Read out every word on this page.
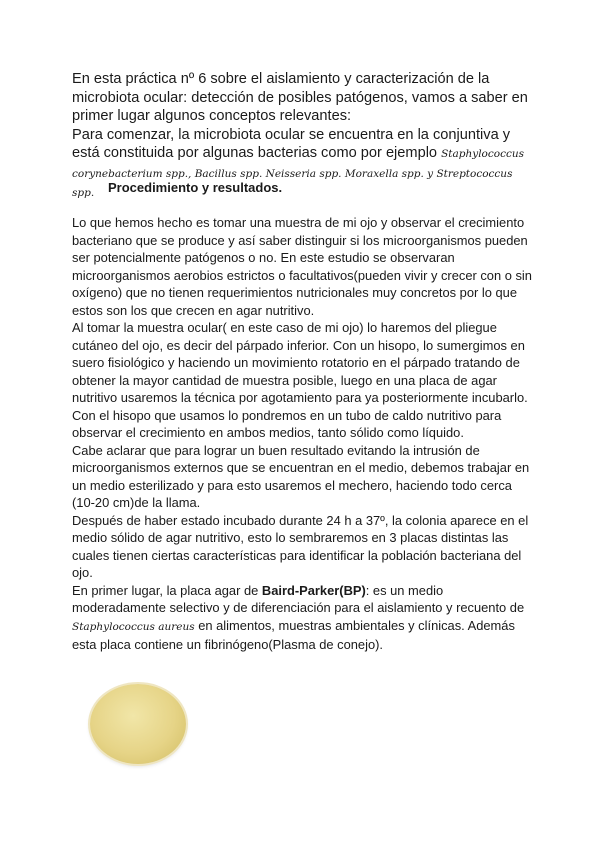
En esta práctica nº 6 sobre el aislamiento y caracterización de la microbiota ocular: detección de posibles patógenos, vamos a saber en primer lugar algunos conceptos relevantes:

Para comenzar, la microbiota ocular se encuentra en la conjuntiva y está constituida por algunas bacterias como por ejemplo Staphylococcus corynebacterium spp., Bacillus spp. Neisseria spp. Moraxella spp. y Streptococcus spp.	Procedimiento y resultados.

Lo que hemos hecho es tomar una muestra de mi ojo y observar el crecimiento bacteriano que se produce y así saber distinguir si los microorganismos pueden ser potencialmente patógenos o no. En este estudio se observaran microorganismos aerobios estrictos o facultativos(pueden vivir y crecer con o sin oxígeno) que no tienen requerimientos nutricionales muy concretos por lo que estos son los que crecen en agar nutritivo.

Al tomar la muestra ocular( en este caso de mi ojo) lo haremos del pliegue cutáneo del ojo, es decir del párpado inferior. Con un hisopo, lo sumergimos en suero fisiológico y haciendo un movimiento rotatorio en el párpado tratando de obtener la mayor cantidad de muestra posible, luego en una placa de agar nutritivo usaremos la técnica por agotamiento para ya posteriormente incubarlo. Con el hisopo que usamos lo pondremos en un tubo de caldo nutritivo para observar el crecimiento en ambos medios, tanto sólido como líquido.

Cabe aclarar que para lograr un buen resultado evitando la intrusión de microorganismos externos que se encuentran en el medio, debemos trabajar en un medio esterilizado y para esto usaremos el mechero, haciendo todo cerca (10-20 cm)de la llama.

Después de haber estado incubado durante 24 h a 37º, la colonia aparece en el medio sólido de agar nutritivo, esto lo sembraremos en 3 placas distintas las cuales tienen ciertas características para identificar la población bacteriana del ojo.

En primer lugar, la placa agar de Baird-Parker(BP): es un medio moderadamente selectivo y de diferenciación para el aislamiento y recuento de Staphylococcus aureus en alimentos, muestras ambientales y clínicas. Además esta placa contiene un fibrinógeno(Plasma de conejo).
